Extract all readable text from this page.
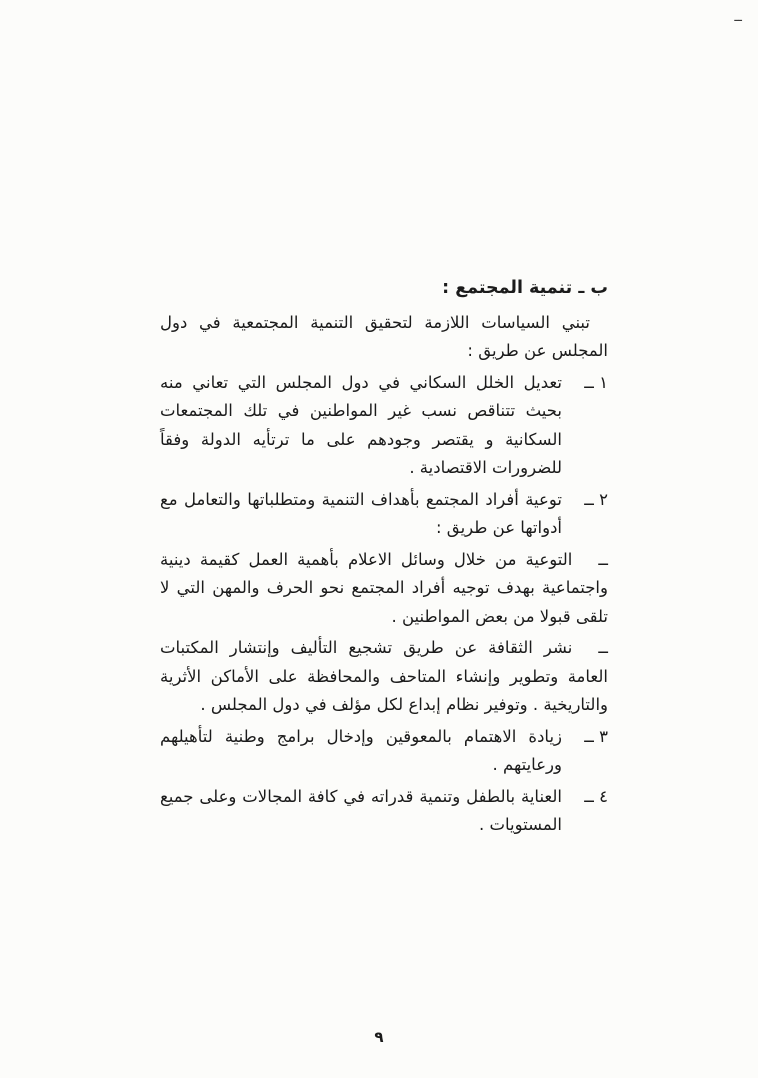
ــ
ب ـ تنمية المجتمع :

تبني السياسات اللازمة لتحقيق التنمية المجتمعية في دول المجلس عن طريق :

١ ــ
تعديل الخلل السكاني في دول المجلس التي تعاني منه بحيث تتناقص نسب غير المواطنين في تلك المجتمعات السكانية و يقتصر وجودهم على ما ترتأيه الدولة وفقاً للضرورات الاقتصادية .
٢ ــ
توعية أفراد المجتمع بأهداف التنمية ومتطلباتها والتعامل مع أدواتها عن طريق :
ــالتوعية من خلال وسائل الاعلام بأهمية العمل كقيمة دينية واجتماعية بهدف توجيه أفراد المجتمع نحو الحرف والمهن التي لا تلقى قبولا من بعض المواطنين .
ــنشر الثقافة عن طريق تشجيع التأليف وإنتشار المكتبات العامة وتطوير وإنشاء المتاحف والمحافظة على الأماكن الأثرية والتاريخية . وتوفير نظام إبداع لكل مؤلف في دول المجلس .
٣ ــ
زيادة الاهتمام بالمعوقين وإدخال برامج وطنية لتأهيلهم ورعايتهم .
٤ ــ
العناية بالطفل وتنمية قدراته في كافة المجالات وعلى جميع المستويات .
٩
